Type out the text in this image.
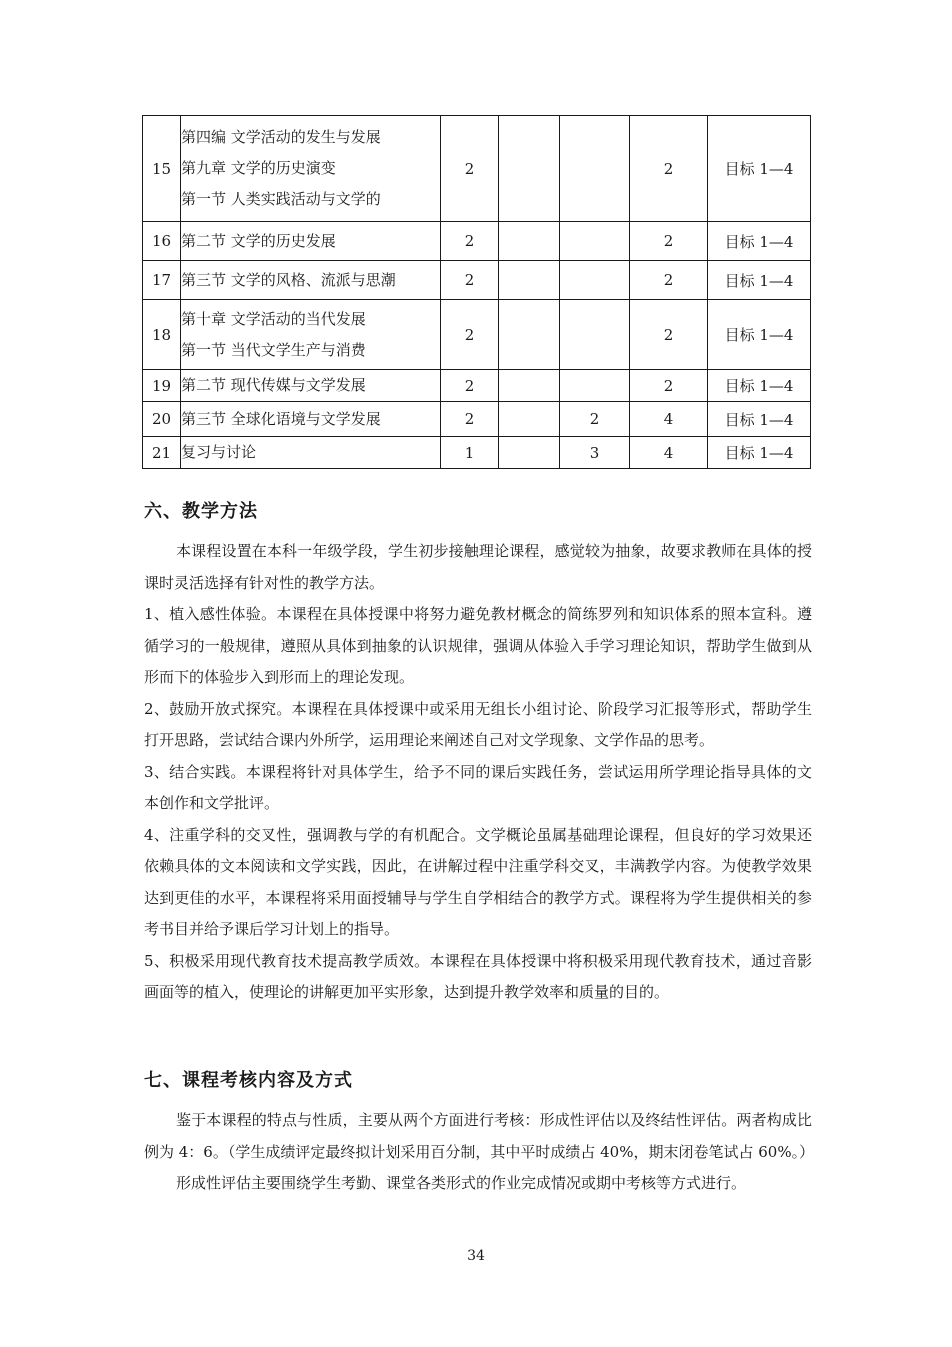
15	第四编 文学活动的发生与发展
第九章 文学的历史演变
第一节 人类实践活动与文学的	2			2	目标 1—4
16	第二节 文学的历史发展	2			2	目标 1—4
17	第三节 文学的风格、流派与思潮	2			2	目标 1—4
18	第十章 文学活动的当代发展
第一节 当代文学生产与消费	2			2	目标 1—4
19	第二节 现代传媒与文学发展	2			2	目标 1—4
20	第三节 全球化语境与文学发展	2		2	4	目标 1—4
21	复习与讨论	1		3	4	目标 1—4
六、教学方法

本课程设置在本科一年级学段，学生初步接触理论课程，感觉较为抽象，故要求教师在具体的授课时灵活选择有针对性的教学方法。

1、植入感性体验。本课程在具体授课中将努力避免教材概念的简练罗列和知识体系的照本宣科。遵循学习的一般规律，遵照从具体到抽象的认识规律，强调从体验入手学习理论知识，帮助学生做到从形而下的体验步入到形而上的理论发现。

2、鼓励开放式探究。本课程在具体授课中或采用无组长小组讨论、阶段学习汇报等形式，帮助学生打开思路，尝试结合课内外所学，运用理论来阐述自己对文学现象、文学作品的思考。

3、结合实践。本课程将针对具体学生，给予不同的课后实践任务，尝试运用所学理论指导具体的文本创作和文学批评。

4、注重学科的交叉性，强调教与学的有机配合。文学概论虽属基础理论课程，但良好的学习效果还依赖具体的文本阅读和文学实践，因此，在讲解过程中注重学科交叉，丰满教学内容。为使教学效果达到更佳的水平，本课程将采用面授辅导与学生自学相结合的教学方式。课程将为学生提供相关的参考书目并给予课后学习计划上的指导。

5、积极采用现代教育技术提高教学质效。本课程在具体授课中将积极采用现代教育技术，通过音影画面等的植入，使理论的讲解更加平实形象，达到提升教学效率和质量的目的。

七、课程考核内容及方式

鉴于本课程的特点与性质，主要从两个方面进行考核：形成性评估以及终结性评估。两者构成比例为 4：6。（学生成绩评定最终拟计划采用百分制，其中平时成绩占 40%，期末闭卷笔试占 60%。）

形成性评估主要围绕学生考勤、课堂各类形式的作业完成情况或期中考核等方式进行。

34
